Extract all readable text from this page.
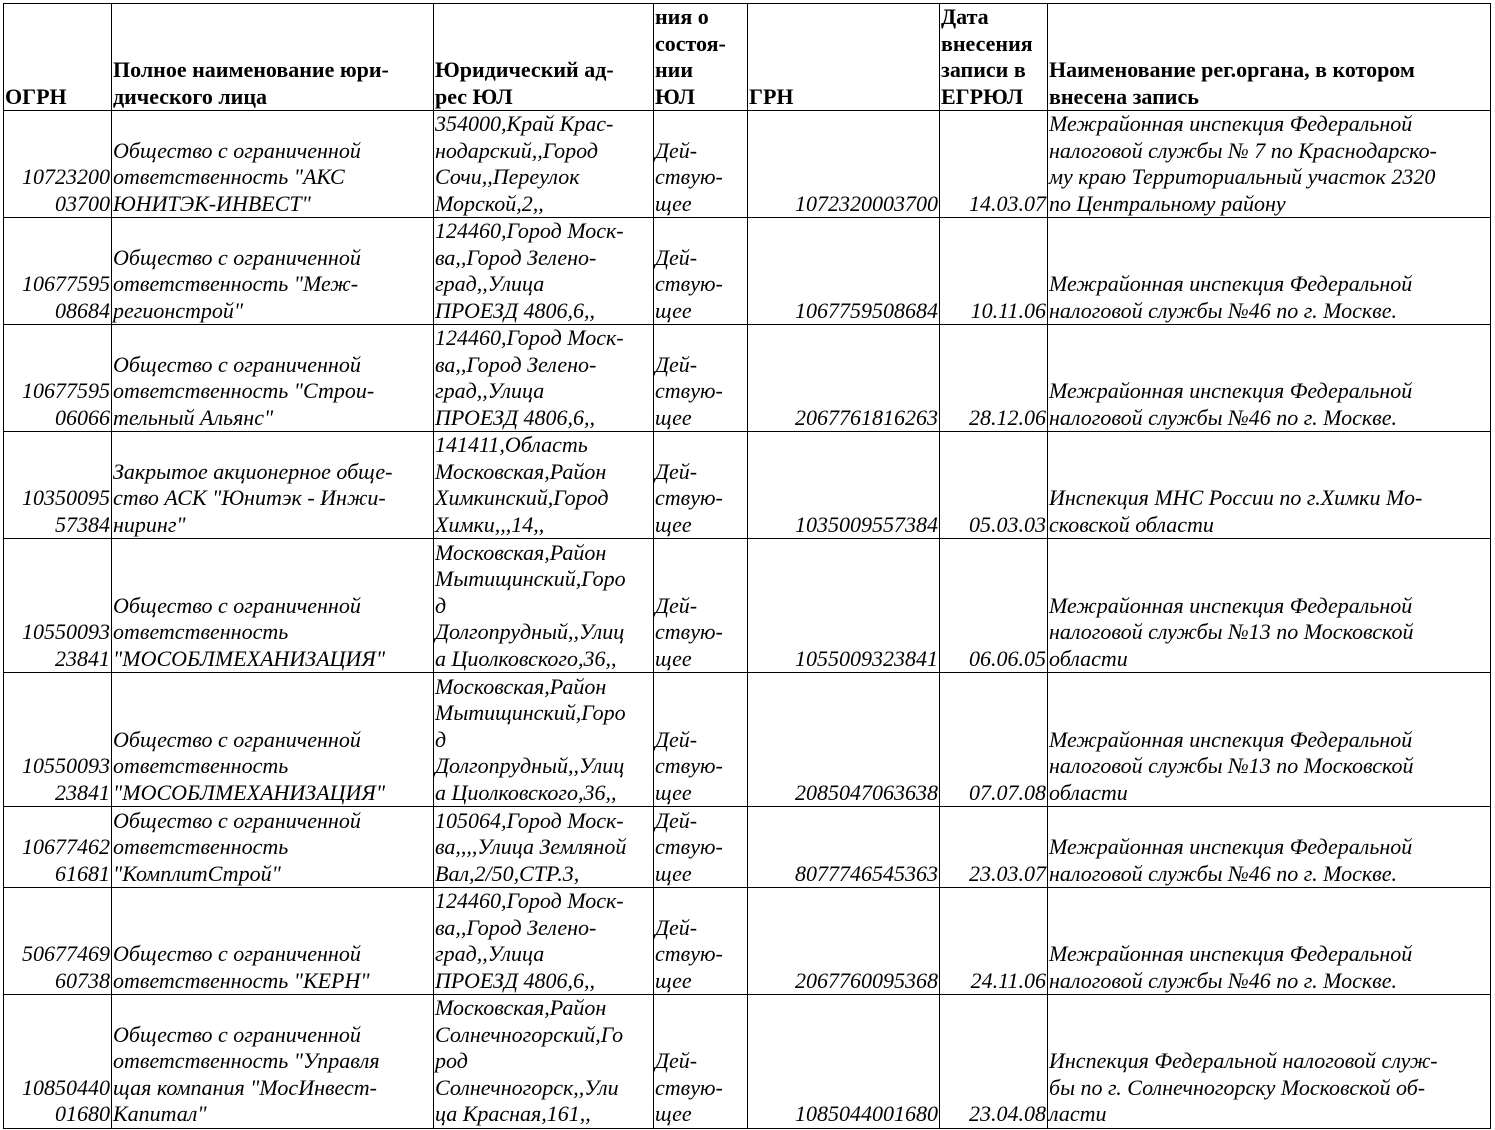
ОГРН	Полное наименование юри-
дического лица	Юридический ад-
рес ЮЛ	ния о
состоя-
нии
ЮЛ	ГРН	Дата
внесения
записи в
ЕГРЮЛ	Наименование рег.органа, в котором
внесена запись
10723200
03700	Общество с ограниченной
ответственность "АКС
ЮНИТЭК-ИНВЕСТ"	354000,Край Крас-
нодарский,,Город
Сочи,,Переулок
Морской,2,,	Дей-
ствую-
щее	1072320003700	14.03.07	Межрайонная инспекция Федеральной
налоговой службы № 7 по Краснодарско-
му краю Территориальный участок 2320
по Центральному району
10677595
08684	Общество с ограниченной
ответственность "Меж-
регионстрой"	124460,Город Моск-
ва,,Город Зелено-
град,,Улица
ПРОЕЗД 4806,6,,	Дей-
ствую-
щее	1067759508684	10.11.06	Межрайонная инспекция Федеральной
налоговой службы №46 по г. Москве.
10677595
06066	Общество с ограниченной
ответственность "Строи-
тельный Альянс"	124460,Город Моск-
ва,,Город Зелено-
град,,Улица
ПРОЕЗД 4806,6,,	Дей-
ствую-
щее	2067761816263	28.12.06	Межрайонная инспекция Федеральной
налоговой службы №46 по г. Москве.
10350095
57384	Закрытое акционерное обще-
ство АСК "Юнитэк - Инжи-
ниринг"	141411,Область
Московская,Район
Химкинский,Город
Химки,,,14,,	Дей-
ствую-
щее	1035009557384	05.03.03	Инспекция МНС России по г.Химки Мо-
сковской области
10550093
23841	Общество с ограниченной
ответственность
"МОСОБЛМЕХАНИЗАЦИЯ"	Московская,Район
Мытищинский,Горо
д
Долгопрудный,,Улиц
а Циолковского,36,,	Дей-
ствую-
щее	1055009323841	06.06.05	Межрайонная инспекция Федеральной
налоговой службы №13 по Московской
области
10550093
23841	Общество с ограниченной
ответственность
"МОСОБЛМЕХАНИЗАЦИЯ"	Московская,Район
Мытищинский,Горо
д
Долгопрудный,,Улиц
а Циолковского,36,,	Дей-
ствую-
щее	2085047063638	07.07.08	Межрайонная инспекция Федеральной
налоговой службы №13 по Московской
области
10677462
61681	Общество с ограниченной
ответственность
"КомплитСтрой"	105064,Город Моск-
ва,,,,Улица Земляной
Вал,2/50,СТР.3,	Дей-
ствую-
щее	8077746545363	23.03.07	Межрайонная инспекция Федеральной
налоговой службы №46 по г. Москве.
50677469
60738	Общество с ограниченной
ответственность "КЕРН"	124460,Город Моск-
ва,,Город Зелено-
град,,Улица
ПРОЕЗД 4806,6,,	Дей-
ствую-
щее	2067760095368	24.11.06	Межрайонная инспекция Федеральной
налоговой службы №46 по г. Москве.
10850440
01680	Общество с ограниченной
ответственность "Управля
щая компания "МосИнвест-
Капитал"	Московская,Район
Солнечногорский,Го
род
Солнечногорск,,Ули
ца Красная,161,,	Дей-
ствую-
щее	1085044001680	23.04.08	Инспекция Федеральной налоговой служ-
бы по г. Солнечногорску Московской об-
ласти
